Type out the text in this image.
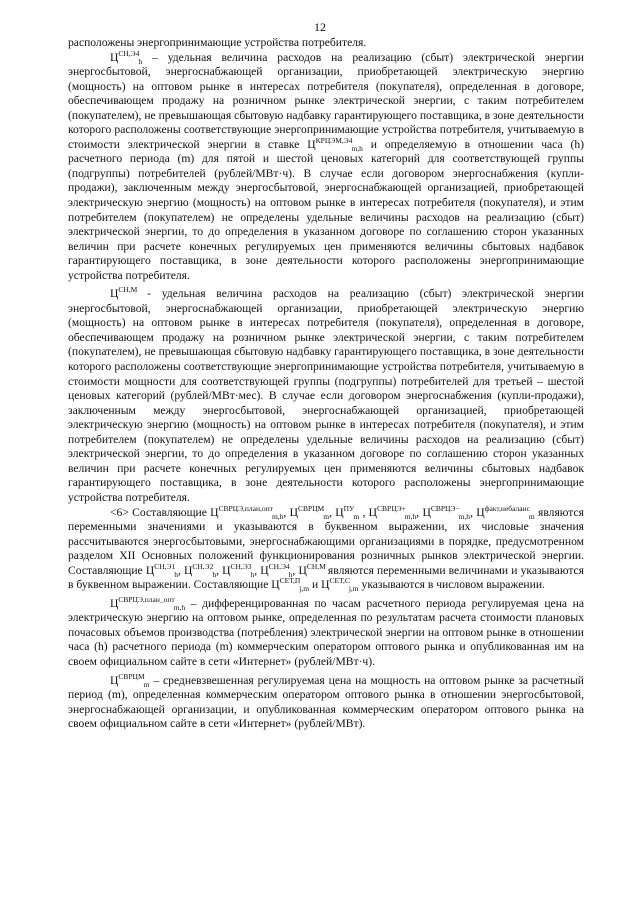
12

расположены энергопринимающие устройства потребителя.

$Ц^{СН,Э4}_h$ – удельная величина расходов на реализацию (сбыт) электрической энергии энергосбытовой, энергоснабжающей организации, приобретающей электрическую энергию (мощность) на оптовом рынке в интересах потребителя (покупателя), определенная в договоре, обеспечивающем продажу на розничном рынке электрической энергии, с таким потребителем (покупателем), не превышающая сбытовую надбавку гарантирующего поставщика, в зоне деятельности которого расположены соответствующие энергопринимающие устройства потребителя, учитываемую в стоимости электрической энергии в ставке $Ц^{КРЦЭМ,Э4}_{m,h}$ и определяемую в отношении часа (h) расчетного периода (m) для пятой и шестой ценовых категорий для соответствующей группы (подгруппы) потребителей (рублей/МВт·ч). В случае если договором энергоснабжения (купли-продажи), заключенным между энергосбытовой, энергоснабжающей организацией, приобретающей электрическую энергию (мощность) на оптовом рынке в интересах потребителя (покупателя), и этим потребителем (покупателем) не определены удельные величины расходов на реализацию (сбыт) электрической энергии, то до определения в указанном договоре по соглашению сторон указанных величин при расчете конечных регулируемых цен применяются величины сбытовых надбавок гарантирующего поставщика, в зоне деятельности которого расположены энергопринимающие устройства потребителя.

$Ц^{СН,М}$ - удельная величина расходов на реализацию (сбыт) электрической энергии энергосбытовой, энергоснабжающей организации, приобретающей электрическую энергию (мощность) на оптовом рынке в интересах потребителя (покупателя), определенная в договоре, обеспечивающем продажу на розничном рынке электрической энергии, с таким потребителем (покупателем), не превышающая сбытовую надбавку гарантирующего поставщика, в зоне деятельности которого расположены соответствующие энергопринимающие устройства потребителя, учитываемую в стоимости мощности для соответствующей группы (подгруппы) потребителей для третьей – шестой ценовых категорий (рублей/МВт·мес). В случае если договором энергоснабжения (купли-продажи), заключенным между энергосбытовой, энергоснабжающей организацией, приобретающей электрическую энергию (мощность) на оптовом рынке в интересах потребителя (покупателя), и этим потребителем (покупателем) не определены удельные величины расходов на реализацию (сбыт) электрической энергии, то до определения в указанном договоре по соглашению сторон указанных величин при расчете конечных регулируемых цен применяются величины сбытовых надбавок гарантирующего поставщика, в зоне деятельности которого расположены энергопринимающие устройства потребителя.

<6> Составляющие $Ц^{СВРЦЭ,план,опт}_{m,h}$, $Ц^{СВРЦМ}_m$, $Ц^{ПУ}_m$ , $Ц^{СВРЦЭ+}_{m,h}$, $Ц^{СВРЦЭ-}_{m,h}$, $Ц^{факт,небаланс}_m$ являются переменными значениями и указываются в буквенном выражении, их числовые значения рассчитываются энергосбытовыми, энергоснабжающими организациями в порядке, предусмотренном разделом XII Основных положений функционирования розничных рынков электрической энергии. Составляющие $Ц^{СН,Э1}_h$, $Ц^{СН,Э2}_h$, $Ц^{СН,Э3}_h$, $Ц^{СН,Э4}_h$, $Ц^{СН,М}$ являются переменными величинами и указываются в буквенном выражении. Составляющие $Ц^{СЕТ,П}_{j,m}$ и $Ц^{СЕТ,С}_{j,m}$ указываются в числовом выражении.

$Ц^{СВРЦЭ,план\_опт}_{m,h}$ – дифференцированная по часам расчетного периода регулируемая цена на электрическую энергию на оптовом рынке, определенная по результатам расчета стоимости плановых почасовых объемов производства (потребления) электрической энергии на оптовом рынке в отношении часа (h) расчетного периода (m) коммерческим оператором оптового рынка и опубликованная им на своем официальном сайте в сети «Интернет» (рублей/МВт·ч).

$Ц^{СВРЦМ}_m$ – средневзвешенная регулируемая цена на мощность на оптовом рынке за расчетный период (m), определенная коммерческим оператором оптового рынка в отношении энергосбытовой, энергоснабжающей организации, и опубликованная коммерческим оператором оптового рынка на своем официальном сайте в сети «Интернет» (рублей/МВт).
